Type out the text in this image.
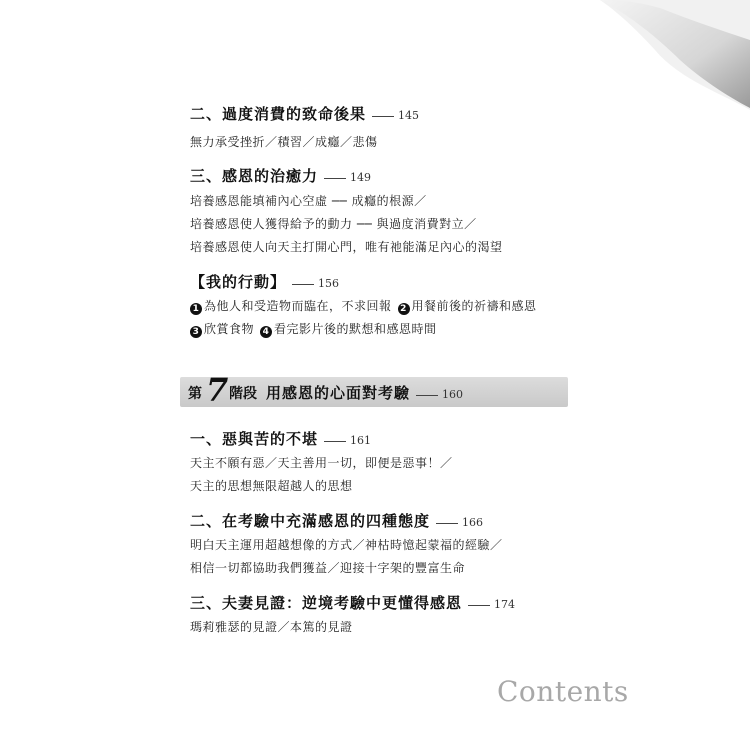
二、過度消費的致命後果	145
無力承受挫折／積習／成癮／悲傷
三、感恩的治癒力	149
培養感恩能填補內心空虛 ── 成癮的根源／
培養感恩使人獲得給予的動力 ── 與過度消費對立／
培養感恩使人向天主打開心門，唯有祂能滿足內心的渴望
【我的行動】	156
1 為他人和受造物而臨在，不求回報 2 用餐前後的祈禱和感恩
3 欣賞食物 4 看完影片後的默想和感恩時間
第 7 階段 用感恩的心面對考驗	160
一、惡與苦的不堪	161
天主不願有惡／天主善用一切，即便是惡事！／
天主的思想無限超越人的思想
二、在考驗中充滿感恩的四種態度	166
明白天主運用超越想像的方式／神枯時憶起蒙福的經驗／
相信一切都協助我們獲益／迎接十字架的豐富生命
三、夫妻見證：逆境考驗中更懂得感恩	174
瑪莉雅瑟的見證／本篤的見證
Contents
